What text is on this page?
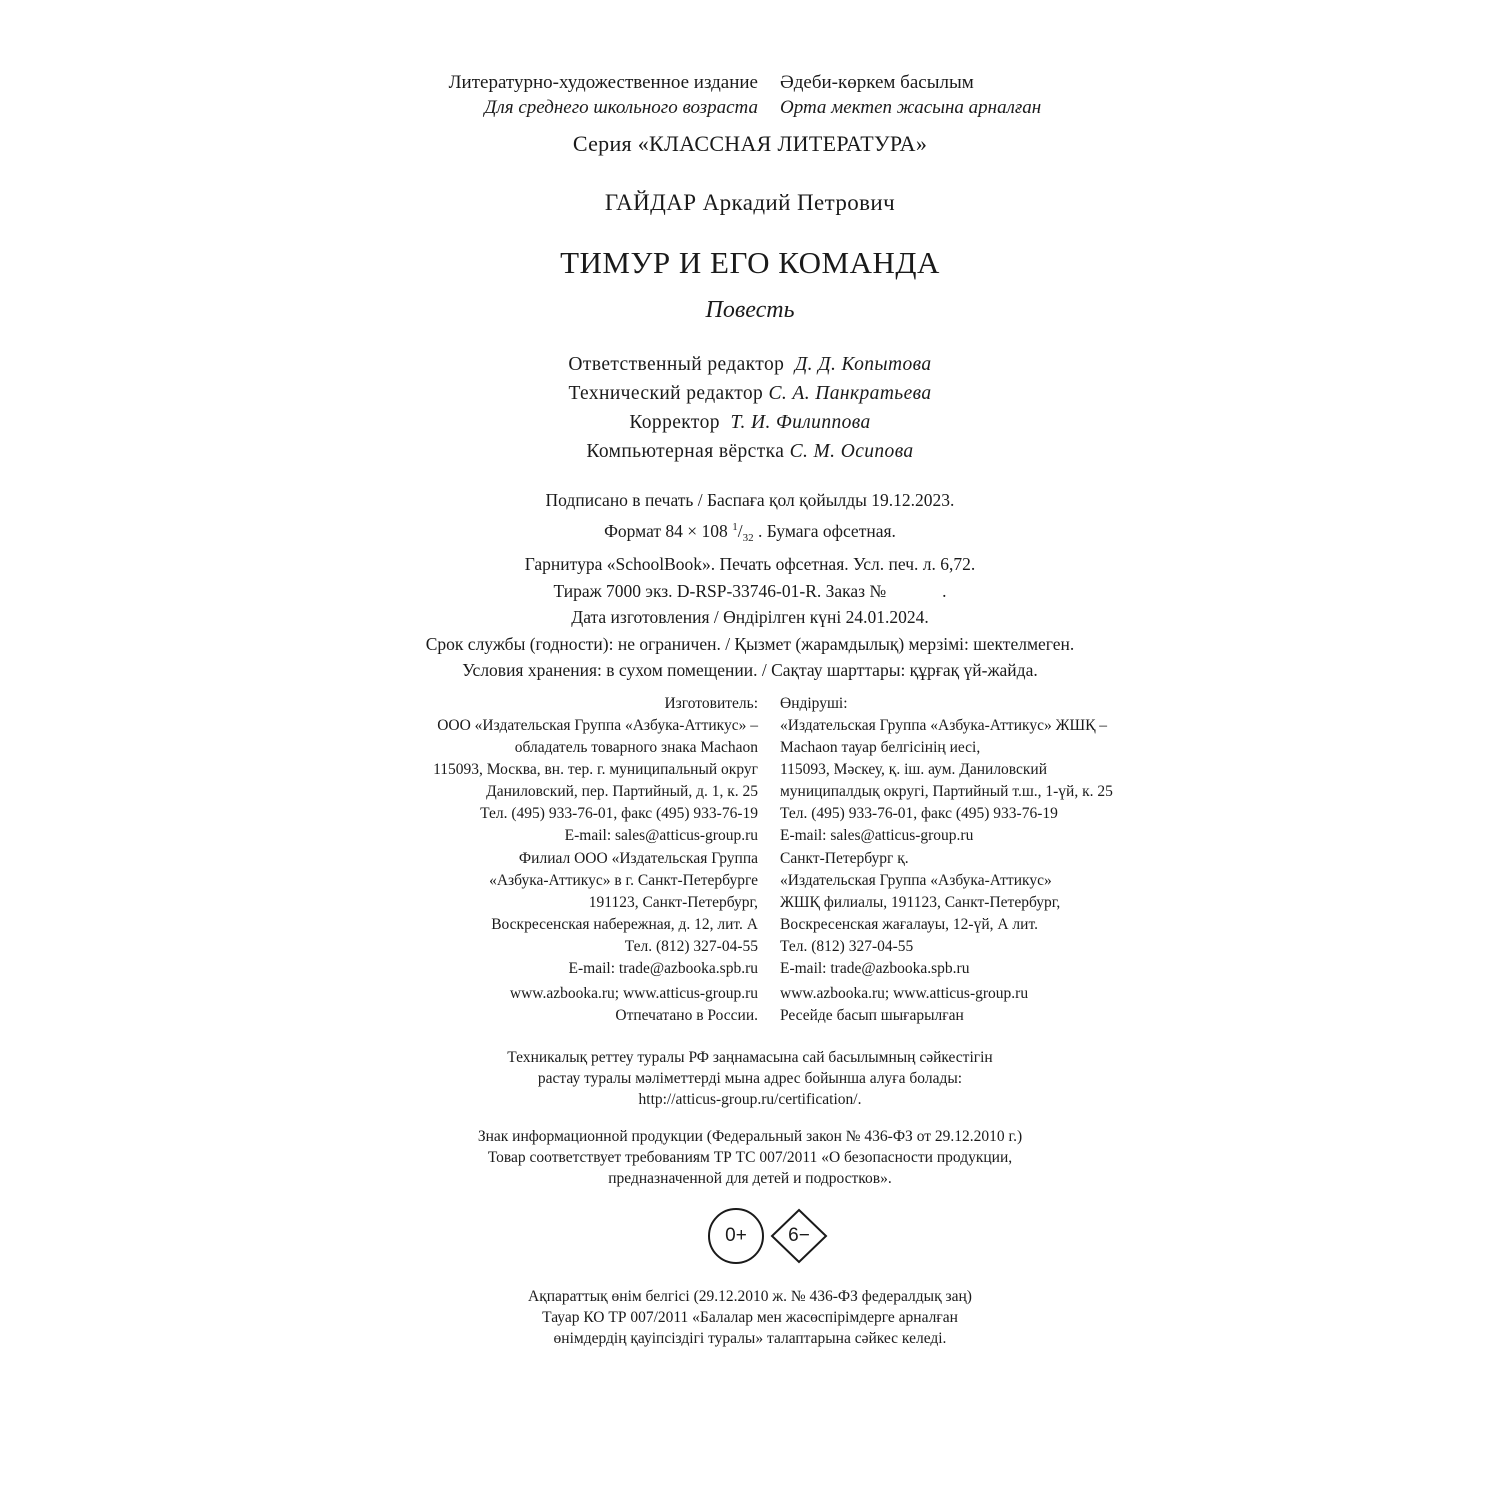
Литературно-художественное издание
Для среднего школьного возраста
Әдеби-көркем басылым
Орта мектеп жасына арналған
Серия «КЛАССНАЯ ЛИТЕРАТУРА»
ГАЙДАР Аркадий Петрович
ТИМУР И ЕГО КОМАНДА
Повесть
Ответственный редактор Д. Д. Копытова
Технический редактор С. А. Панкратьева
Корректор Т. И. Филиппова
Компьютерная вёрстка С. М. Осипова
Подписано в печать / Баспаға қол қойылды 19.12.2023.
Формат 84 × 108 $^1/_{32}$ . Бумага офсетная.
Гарнитура «SchoolBook». Печать офсетная. Усл. печ. л. 6,72.
Тираж 7000 экз. D-RSP-33746-01-R. Заказ №	.
Дата изготовления / Өндірілген күні 24.01.2024.
Срок службы (годности): не ограничен. / Қызмет (жарамдылық) мерзімі: шектелмеген.
Условия хранения: в сухом помещении. / Сақтау шарттары: құрғақ үй-жайда.
Изготовитель:
ООО «Издательская Группа «Азбука-Аттикус» –
обладатель товарного знака Machaon
115093, Москва, вн. тер. г. муниципальный округ
Даниловский, пер. Партийный, д. 1, к. 25
Тел. (495) 933-76-01, факс (495) 933-76-19
E-mail: sales@atticus-group.ru
Өндіруші:
«Издательская Группа «Азбука-Аттикус» ЖШҚ –
Machaon тауар белгісінің иесі,
115093, Мәскеу, қ. іш. аум. Даниловский
муниципалдық округі, Партийный т.ш., 1-үй, к. 25
Тел. (495) 933-76-01, факс (495) 933-76-19
E-mail: sales@atticus-group.ru
Филиал ООО «Издательская Группа
«Азбука-Аттикус» в г. Санкт-Петербурге
191123, Санкт-Петербург,
Воскресенская набережная, д. 12, лит. А
Тел. (812) 327-04-55
E-mail: trade@azbooka.spb.ru
Санкт-Петербург қ.
«Издательская Группа «Азбука-Аттикус»
ЖШҚ филиалы, 191123, Санкт-Петербург,
Воскресенская жағалауы, 12-үй, А лит.
Тел. (812) 327-04-55
E-mail: trade@azbooka.spb.ru
www.azbooka.ru; www.atticus-group.ru
Отпечатано в России.
www.azbooka.ru; www.atticus-group.ru
Ресейде басып шығарылған
Техникалық реттеу туралы РФ заңнамасына сай басылымның сәйкестігін
растау туралы мәліметтерді мына адрес бойынша алуға болады:
http://atticus-group.ru/certification/.
Знак информационной продукции (Федеральный закон № 436-ФЗ от 29.12.2010 г.)
Товар соответствует требованиям ТР ТС 007/2011 «О безопасности продукции,
предназначенной для детей и подростков».
0+ 6−
Ақпараттық өнім белгісі (29.12.2010 ж. № 436-ФЗ федералдық заң)
Тауар КО ТР 007/2011 «Балалар мен жасөспірімдерге арналған
өнімдердің қауіпсіздігі туралы» талаптарына сәйкес келеді.
